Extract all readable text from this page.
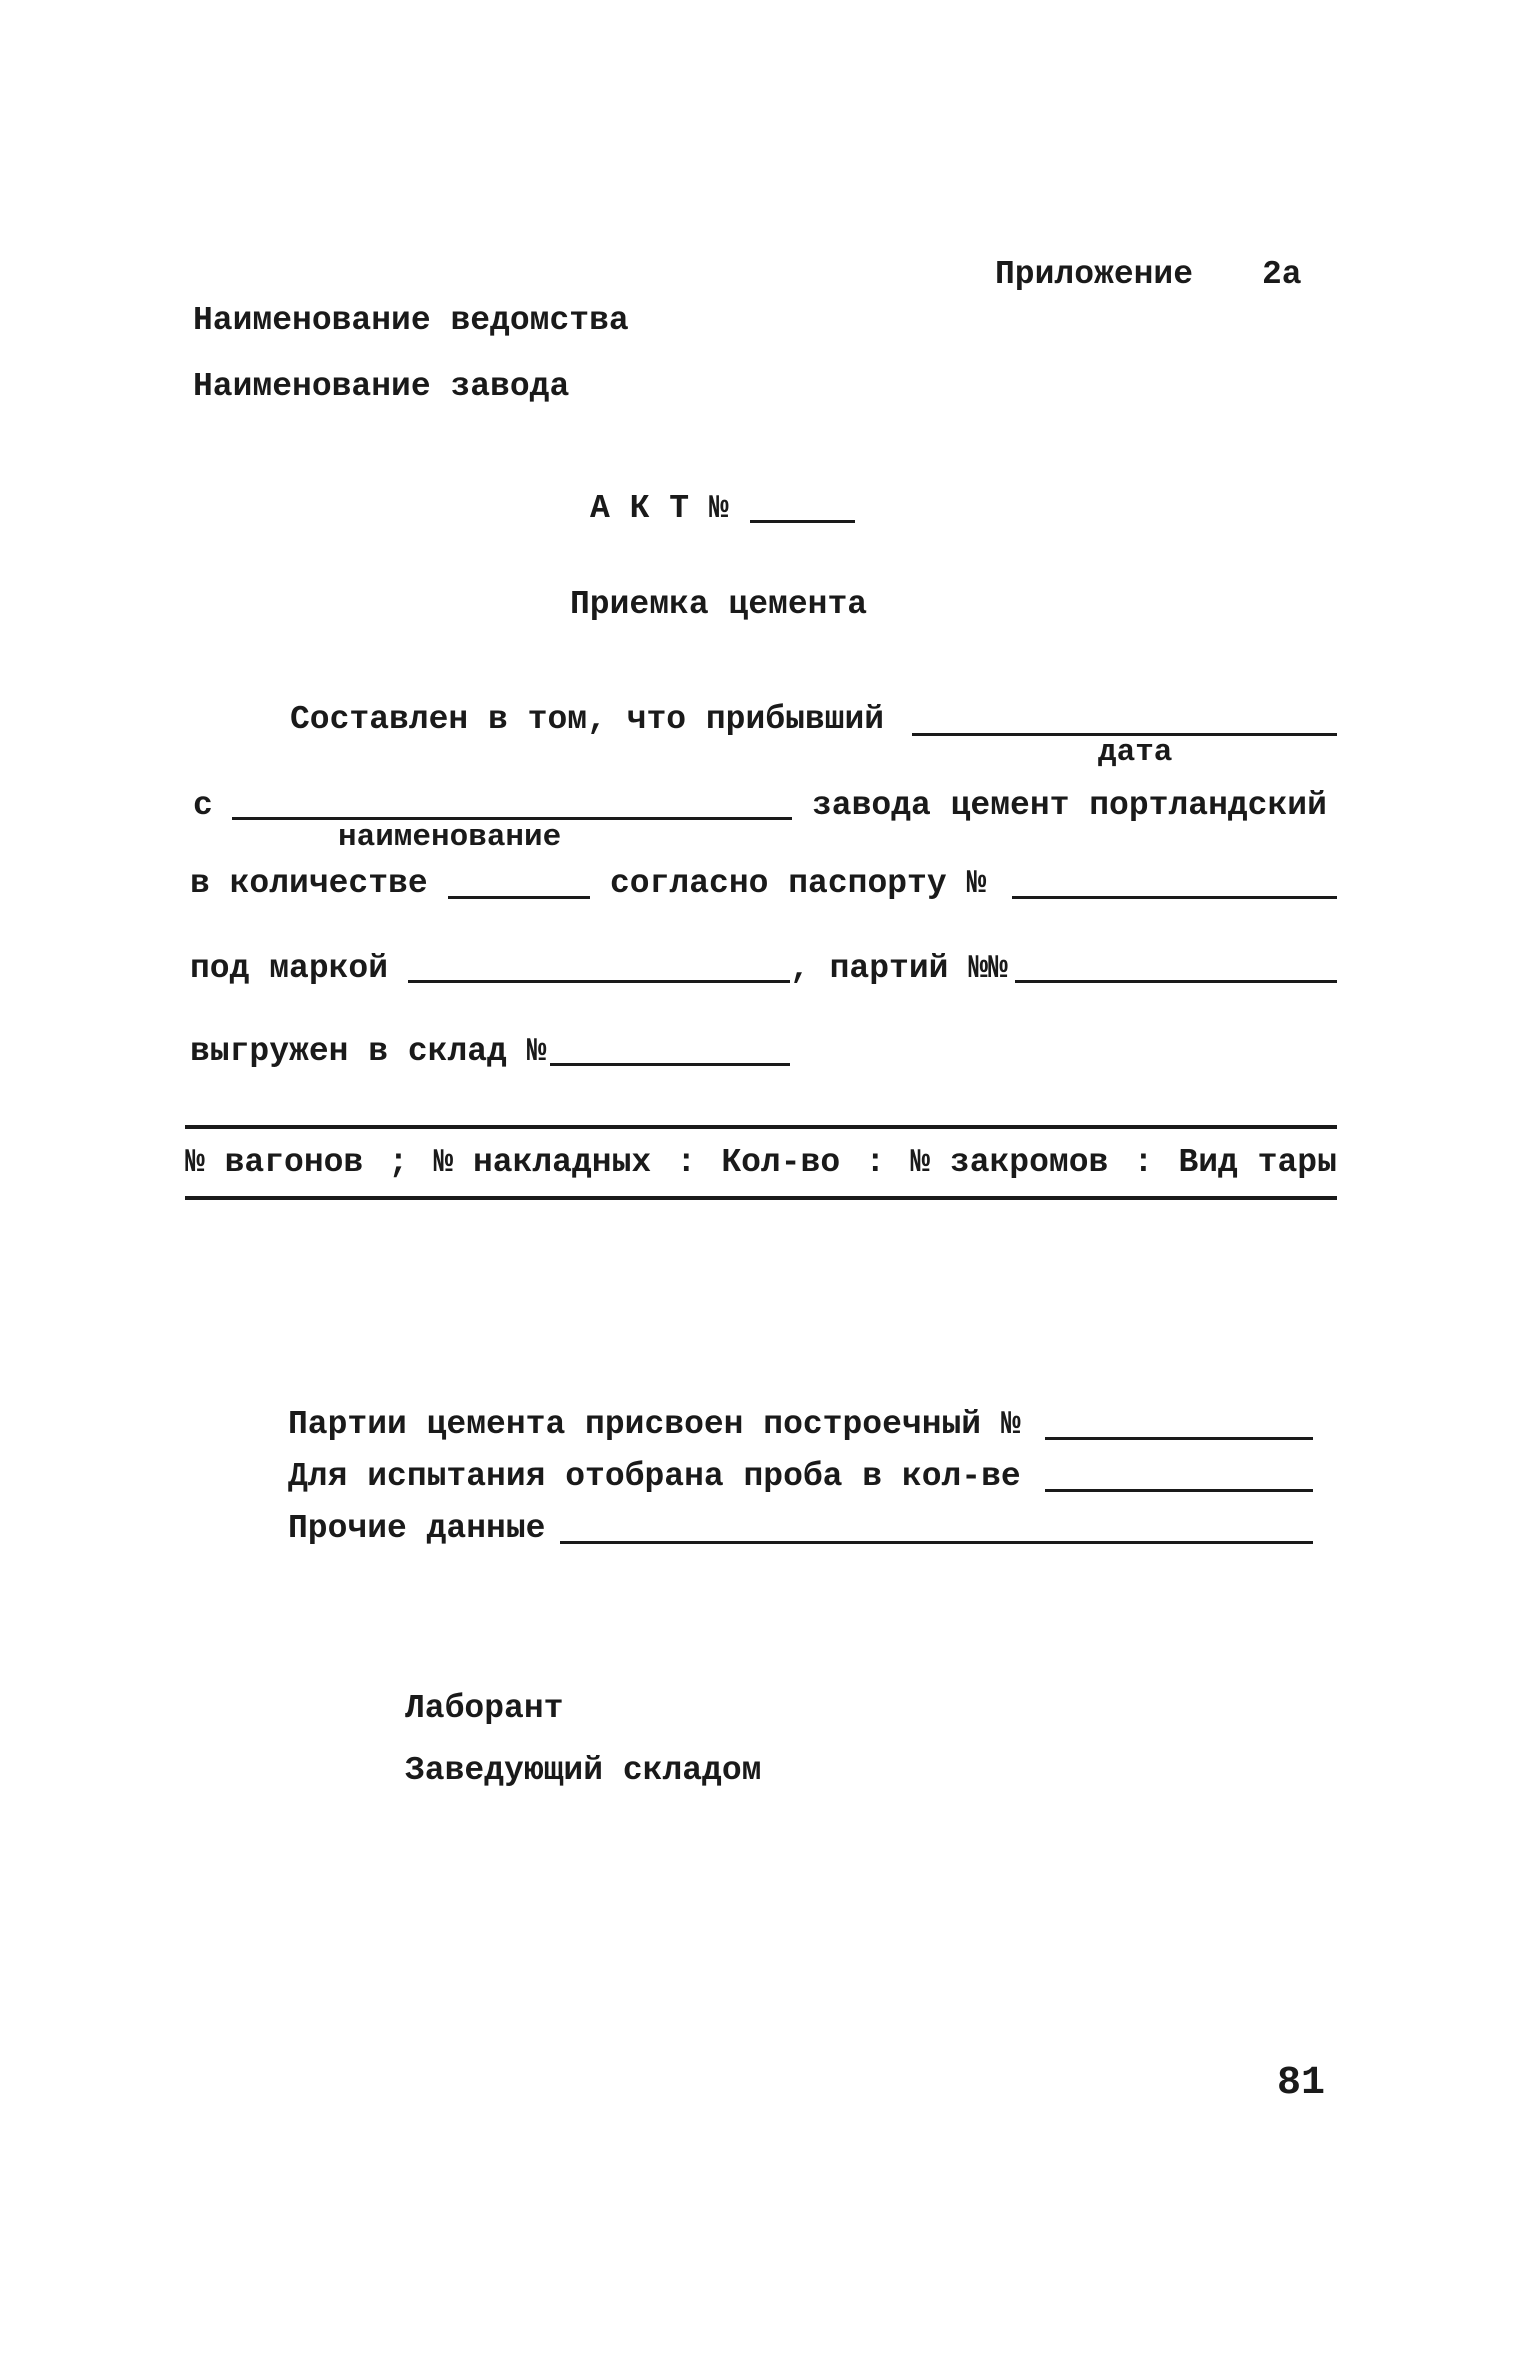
Приложение 2а
Наименование ведомства
Наименование завода
А К Т №
Приемка цемента
Составлен в том, что прибывший
дата
с	завода цемент портландский
наименование
в количестве	согласно паспорту №
под маркой	, партий №№
выгружен в склад №
№ вагонов ; № накладных : Кол-во : № закромов : Вид тары
Партии цемента присвоен построечный №
Для испытания отобрана проба в кол-ве
Прочие данные
Лаборант
Заведующий складом
81
